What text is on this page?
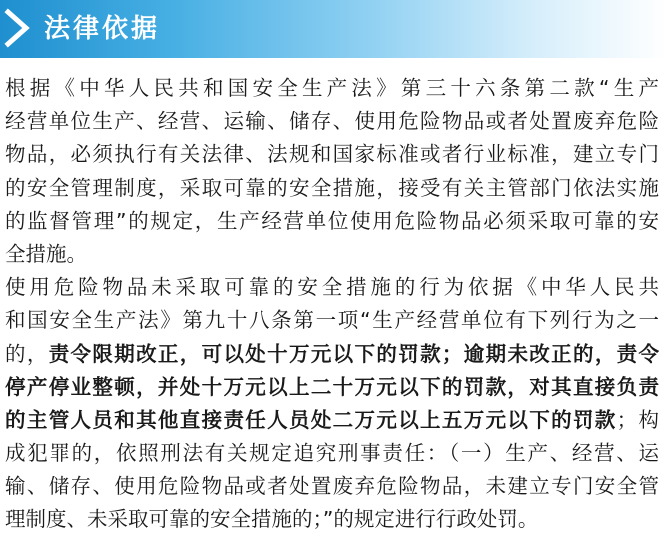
法律依据
根据《中华人民共和国安全生产法》第三十六条第二款“生产
经营单位生产、经营、运输、储存、使用危险物品或者处置废弃危险
物品，必须执行有关法律、法规和国家标准或者行业标准，建立专门
的安全管理制度，采取可靠的安全措施，接受有关主管部门依法实施
的监督管理”的规定，生产经营单位使用危险物品必须采取可靠的安
全措施。
使用危险物品未采取可靠的安全措施的行为依据《中华人民共
和国安全生产法》第九十八条第一项“生产经营单位有下列行为之一
的，责令限期改正，可以处十万元以下的罚款；逾期未改正的，责令
停产停业整顿，并处十万元以上二十万元以下的罚款，对其直接负责
的主管人员和其他直接责任人员处二万元以上五万元以下的罚款；构
成犯罪的，依照刑法有关规定追究刑事责任：（一）生产、经营、运
输、储存、使用危险物品或者处置废弃危险物品，未建立专门安全管
理制度、未采取可靠的安全措施的；”的规定进行行政处罚。
